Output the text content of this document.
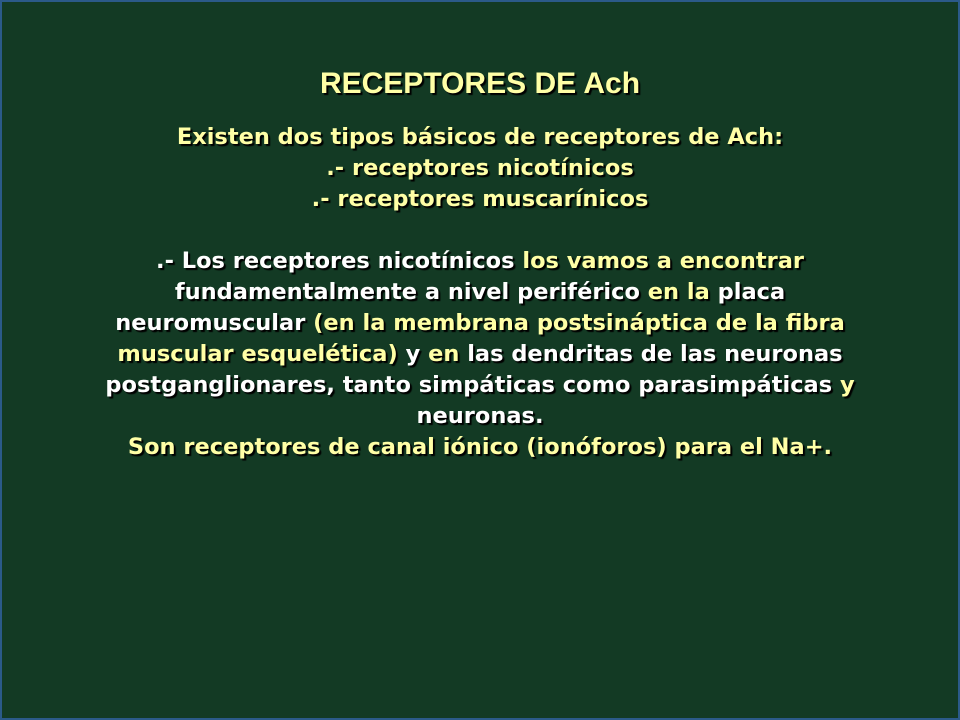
RECEPTORES DE Ach

Existen dos tipos básicos de receptores de Ach:

.- receptores nicotínicos

.- receptores muscarínicos

.- Los receptores nicotínicos los vamos a encontrar fundamentalmente a nivel periférico en la placa neuromuscular (en la membrana postsináptica de la fibra muscular esquelética) y en las dendritas de las neuronas postganglionares, tanto simpáticas como parasimpáticas y neuronas.

Son receptores de canal iónico (ionóforos) para el Na+.
